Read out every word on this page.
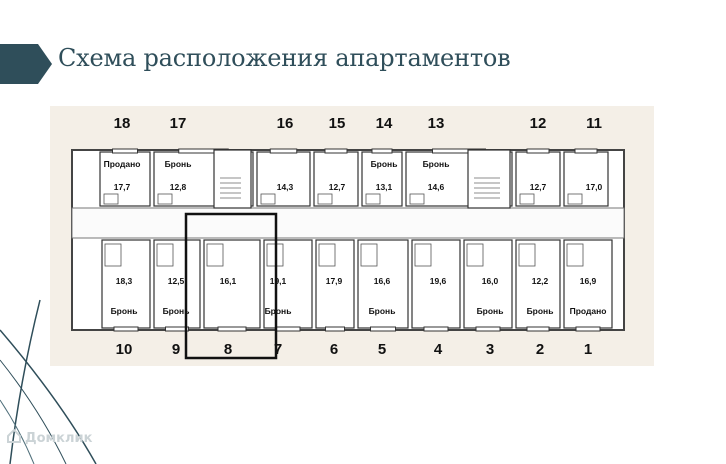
Схема расположения апартаментов
Продано
17,7
Бронь
12,8	14,3	12,7
Бронь
13,1
Бронь
14,6	12,7	17,0
18,3
Бронь
12,5
Бронь
16,1	19,1
Бронь
17,9	16,6
Бронь
19,6	16,0
Бронь
12,2
Бронь
16,9
Продано
18	17	16 15 14 13	12	11
10	9	8	7	6	5	4	3	2	1
Домклик
